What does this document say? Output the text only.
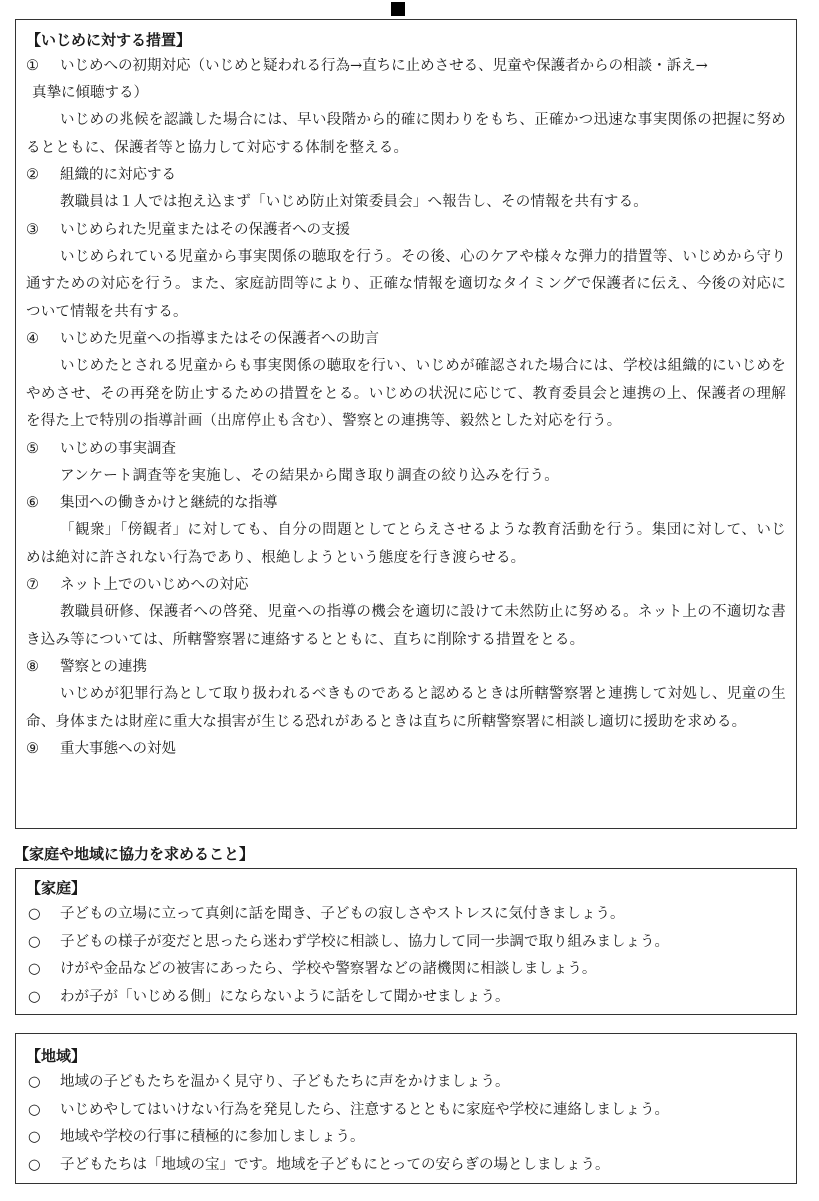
【いじめに対する措置】
①	いじめへの初期対応（いじめと疑われる行為→直ちに止めさせる、児童や保護者からの相談・訴え→
真摯に傾聴する）
いじめの兆候を認識した場合には、早い段階から的確に関わりをもち、正確かつ迅速な事実関係の把握に努めるとともに、保護者等と協力して対応する体制を整える。
②	組織的に対応する
教職員は１人では抱え込まず「いじめ防止対策委員会」へ報告し、その情報を共有する。
③	いじめられた児童またはその保護者への支援
いじめられている児童から事実関係の聴取を行う。その後、心のケアや様々な弾力的措置等、いじめから守り通すための対応を行う。また、家庭訪問等により、正確な情報を適切なタイミングで保護者に伝え、今後の対応について情報を共有する。
④	いじめた児童への指導またはその保護者への助言
いじめたとされる児童からも事実関係の聴取を行い、いじめが確認された場合には、学校は組織的にいじめをやめさせ、その再発を防止するための措置をとる。いじめの状況に応じて、教育委員会と連携の上、保護者の理解を得た上で特別の指導計画（出席停止も含む）、警察との連携等、毅然とした対応を行う。
⑤	いじめの事実調査
アンケート調査等を実施し、その結果から聞き取り調査の絞り込みを行う。
⑥	集団への働きかけと継続的な指導
「観衆」「傍観者」に対しても、自分の問題としてとらえさせるような教育活動を行う。集団に対して、いじめは絶対に許されない行為であり、根絶しようという態度を行き渡らせる。
⑦	ネット上でのいじめへの対応
教職員研修、保護者への啓発、児童への指導の機会を適切に設けて未然防止に努める。ネット上の不適切な書き込み等については、所轄警察署に連絡するとともに、直ちに削除する措置をとる。
⑧	警察との連携
いじめが犯罪行為として取り扱われるべきものであると認めるときは所轄警察署と連携して対処し、児童の生命、身体または財産に重大な損害が生じる恐れがあるときは直ちに所轄警察署に相談し適切に援助を求める。
⑨	重大事態への対処
【家庭や地域に協力を求めること】
【家庭】
○	子どもの立場に立って真剣に話を聞き、子どもの寂しさやストレスに気付きましょう。
○	子どもの様子が変だと思ったら迷わず学校に相談し、協力して同一歩調で取り組みましょう。
○	けがや金品などの被害にあったら、学校や警察署などの諸機関に相談しましょう。
○	わが子が「いじめる側」にならないように話をして聞かせましょう。
【地域】
○	地域の子どもたちを温かく見守り、子どもたちに声をかけましょう。
○	いじめやしてはいけない行為を発見したら、注意するとともに家庭や学校に連絡しましょう。
○	地域や学校の行事に積極的に参加しましょう。
○	子どもたちは「地域の宝」です。地域を子どもにとっての安らぎの場としましょう。
